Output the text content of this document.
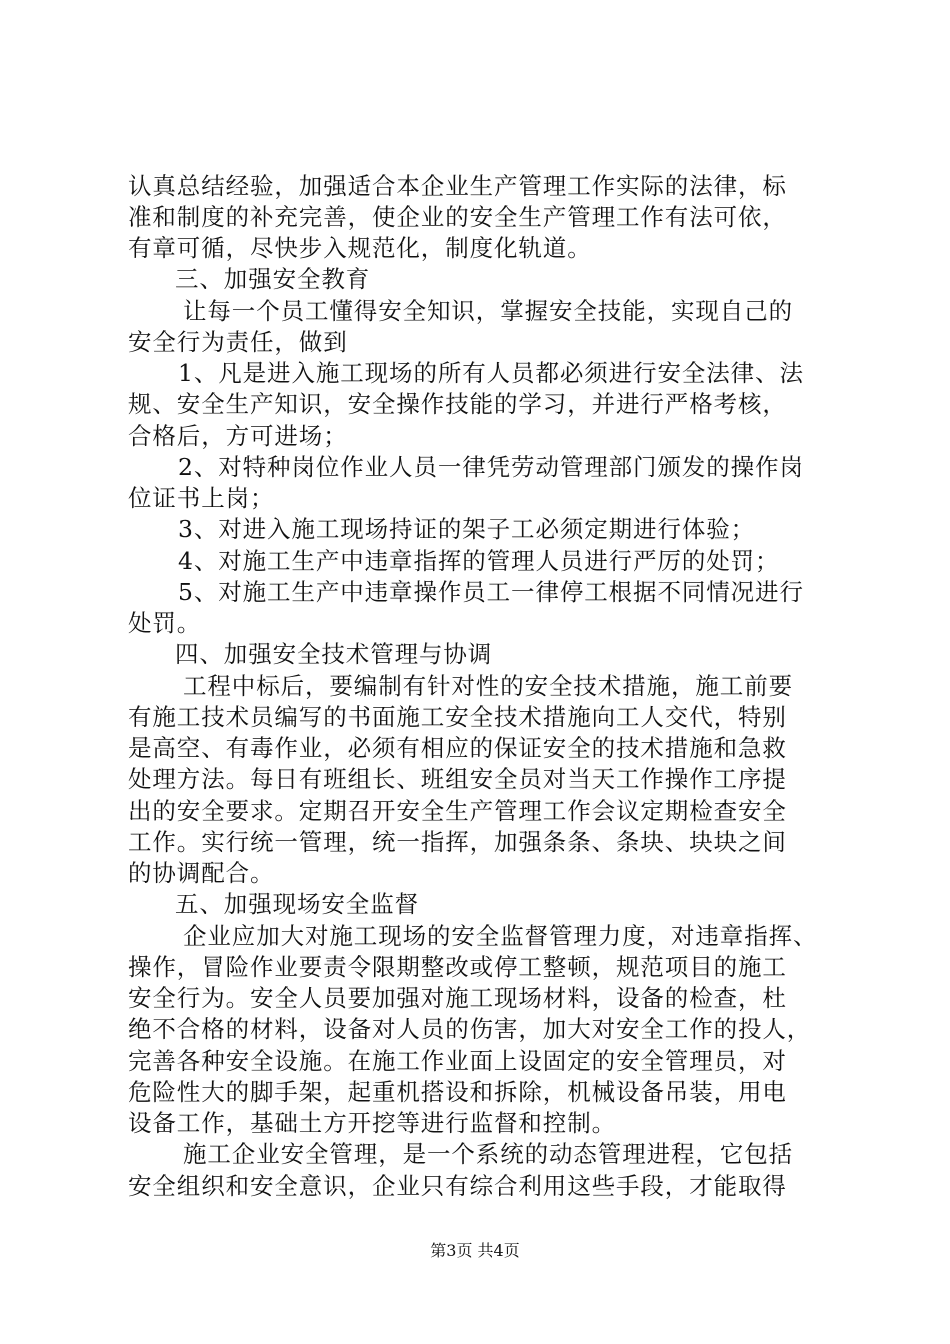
认真总结经验，加强适合本企业生产管理工作实际的法律，标
准和制度的补充完善，使企业的安全生产管理工作有法可依，
有章可循，尽快步入规范化，制度化轨道。
三、加强安全教育
让每一个员工懂得安全知识，掌握安全技能，实现自己的
安全行为责任，做到
1、凡是进入施工现场的所有人员都必须进行安全法律、法
规、安全生产知识，安全操作技能的学习，并进行严格考核，
合格后，方可进场；
2、对特种岗位作业人员一律凭劳动管理部门颁发的操作岗
位证书上岗；
3、对进入施工现场持证的架子工必须定期进行体验；
4、对施工生产中违章指挥的管理人员进行严厉的处罚；
5、对施工生产中违章操作员工一律停工根据不同情况进行
处罚。
四、加强安全技术管理与协调
工程中标后，要编制有针对性的安全技术措施，施工前要
有施工技术员编写的书面施工安全技术措施向工人交代，特别
是高空、有毒作业，必须有相应的保证安全的技术措施和急救
处理方法。每日有班组长、班组安全员对当天工作操作工序提
出的安全要求。定期召开安全生产管理工作会议定期检查安全
工作。实行统一管理，统一指挥，加强条条、条块、块块之间
的协调配合。
五、加强现场安全监督
企业应加大对施工现场的安全监督管理力度，对违章指挥、
操作，冒险作业要责令限期整改或停工整顿，规范项目的施工
安全行为。安全人员要加强对施工现场材料，设备的检查，杜
绝不合格的材料，设备对人员的伤害，加大对安全工作的投人，
完善各种安全设施。在施工作业面上设固定的安全管理员，对
危险性大的脚手架，起重机搭设和拆除，机械设备吊装，用电
设备工作，基础土方开挖等进行监督和控制。
施工企业安全管理，是一个系统的动态管理进程，它包括
安全组织和安全意识，企业只有综合利用这些手段，才能取得
第3页 共4页
